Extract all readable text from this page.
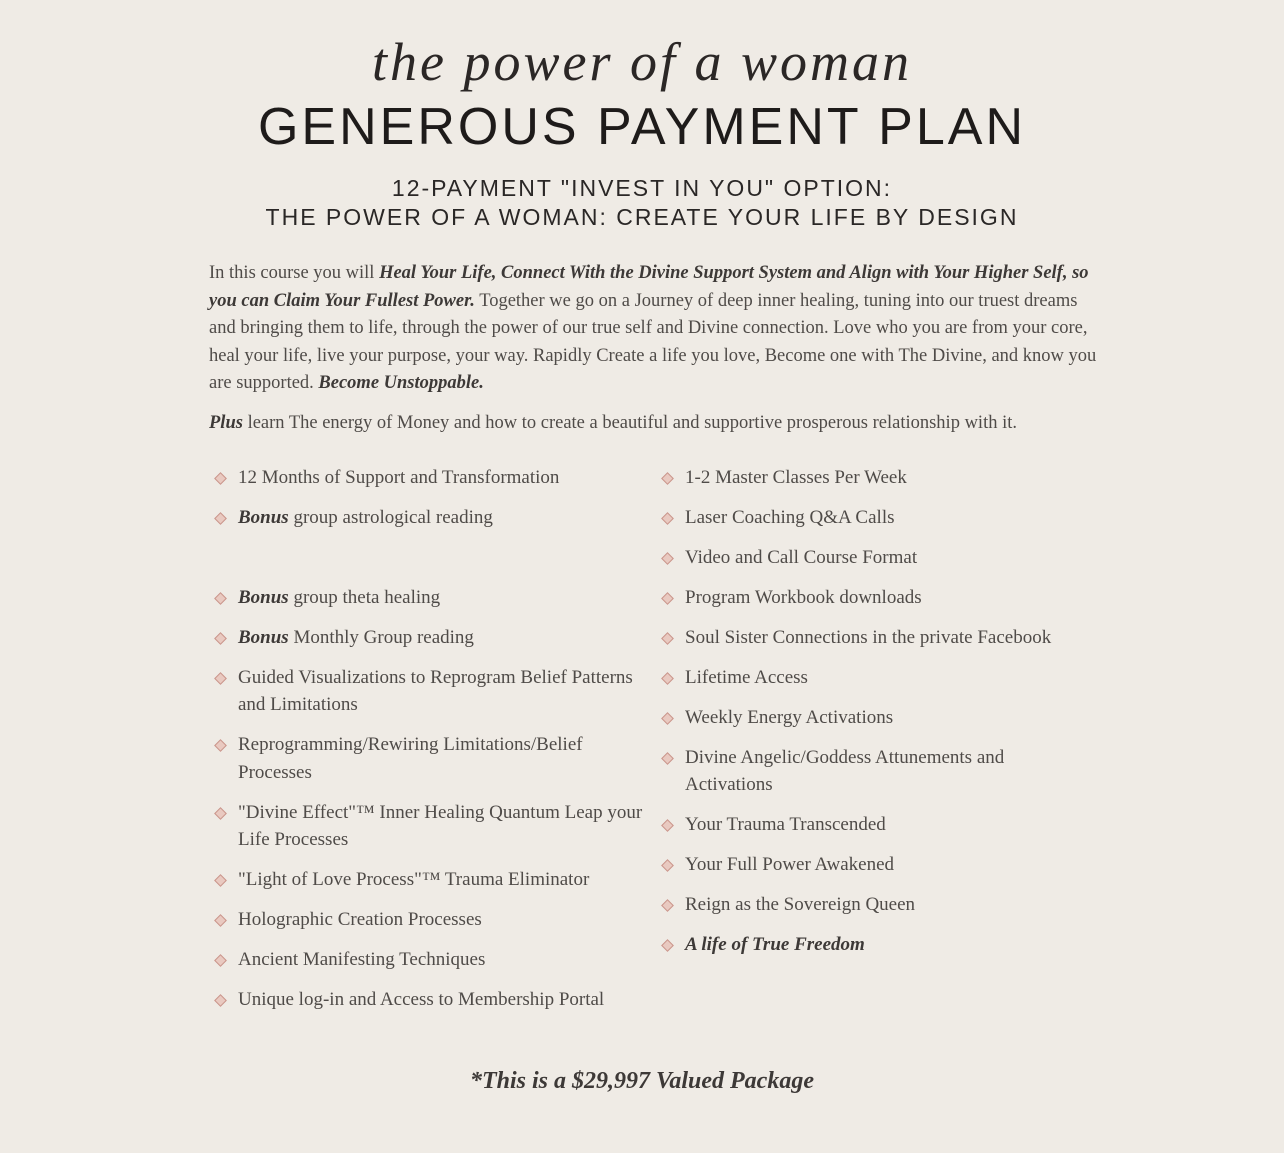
the power of a woman
GENEROUS PAYMENT PLAN
12-PAYMENT "INVEST IN YOU" OPTION:
THE POWER OF A WOMAN: CREATE YOUR LIFE BY DESIGN

In this course you will Heal Your Life, Connect With the Divine Support System and Align with Your Higher Self, so you can Claim Your Fullest Power. Together we go on a Journey of deep inner healing, tuning into our truest dreams and bringing them to life, through the power of our true self and Divine connection. Love who you are from your core, heal your life, live your purpose, your way. Rapidly Create a life you love, Become one with The Divine, and know you are supported. Become Unstoppable.

Plus learn The energy of Money and how to create a beautiful and supportive prosperous relationship with it.

12 Months of Support and Transformation
Bonus group astrological reading
Bonus group theta healing
Bonus Monthly Group reading
Guided Visualizations to Reprogram Belief Patterns and Limitations
Reprogramming/Rewiring Limitations/Belief Processes
"Divine Effect"™ Inner Healing Quantum Leap your Life Processes
"Light of Love Process"™ Trauma Eliminator
Holographic Creation Processes
Ancient Manifesting Techniques
Unique log-in and Access to Membership Portal
1-2 Master Classes Per Week
Laser Coaching Q&A Calls
Video and Call Course Format
Program Workbook downloads
Soul Sister Connections in the private Facebook
Lifetime Access
Weekly Energy Activations
Divine Angelic/Goddess Attunements and Activations
Your Trauma Transcended
Your Full Power Awakened
Reign as the Sovereign Queen
A life of True Freedom
*This is a $29,997 Valued Package
